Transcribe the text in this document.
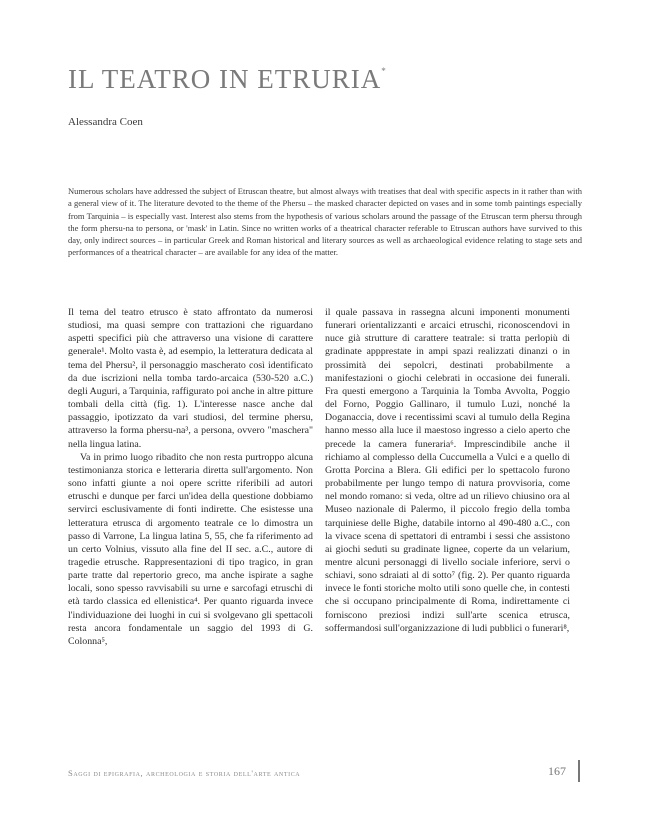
IL TEATRO IN ETRURIA*
Alessandra Coen
Numerous scholars have addressed the subject of Etruscan theatre, but almost always with treatises that deal with specific aspects in it rather than with a general view of it. The literature devoted to the theme of the Phersu – the masked character depicted on vases and in some tomb paintings especially from Tarquinia – is especially vast. Interest also stems from the hypothesis of various scholars around the passage of the Etruscan term phersu through the form phersu-na to persona, or 'mask' in Latin. Since no written works of a theatrical character referable to Etruscan authors have survived to this day, only indirect sources – in particular Greek and Roman historical and literary sources as well as archaeological evidence relating to stage sets and performances of a theatrical character – are available for any idea of the matter.

Il tema del teatro etrusco è stato affrontato da numerosi studiosi, ma quasi sempre con trattazioni che riguardano aspetti specifici più che attraverso una visione di carattere generale¹. Molto vasta è, ad esempio, la letteratura dedicata al tema del Phersu², il personaggio mascherato così identificato da due iscrizioni nella tomba tardo-arcaica (530-520 a.C.) degli Auguri, a Tarquinia, raffigurato poi anche in altre pitture tombali della città (fig. 1). L'interesse nasce anche dal passaggio, ipotizzato da vari studiosi, del termine phersu, attraverso la forma phersu-na³, a persona, ovvero "maschera" nella lingua latina.

Va in primo luogo ribadito che non resta purtroppo alcuna testimonianza storica e letteraria diretta sull'argomento. Non sono infatti giunte a noi opere scritte riferibili ad autori etruschi e dunque per farci un'idea della questione dobbiamo servirci esclusivamente di fonti indirette. Che esistesse una letteratura etrusca di argomento teatrale ce lo dimostra un passo di Varrone, La lingua latina 5, 55, che fa riferimento ad un certo Volnius, vissuto alla fine del II sec. a.C., autore di tragedie etrusche. Rappresentazioni di tipo tragico, in gran parte tratte dal repertorio greco, ma anche ispirate a saghe locali, sono spesso ravvisabili su urne e sarcofagi etruschi di età tardo classica ed ellenistica⁴. Per quanto riguarda invece l'individuazione dei luoghi in cui si svolgevano gli spettacoli resta ancora fondamentale un saggio del 1993 di G. Colonna⁵,

il quale passava in rassegna alcuni imponenti monumenti funerari orientalizzanti e arcaici etruschi, riconoscendovi in nuce già strutture di carattere teatrale: si tratta perlopiù di gradinate appprestate in ampi spazi realizzati dinanzi o in prossimità dei sepolcri, destinati probabilmente a manifestazioni o giochi celebrati in occasione dei funerali. Fra questi emergono a Tarquinia la Tomba Avvolta, Poggio del Forno, Poggio Gallinaro, il tumulo Luzi, nonché la Doganaccia, dove i recentissimi scavi al tumulo della Regina hanno messo alla luce il maestoso ingresso a cielo aperto che precede la camera funeraria⁶. Imprescindibile anche il richiamo al complesso della Cuccumella a Vulci e a quello di Grotta Porcina a Blera. Gli edifici per lo spettacolo furono probabilmente per lungo tempo di natura provvisoria, come nel mondo romano: si veda, oltre ad un rilievo chiusino ora al Museo nazionale di Palermo, il piccolo fregio della tomba tarquiniese delle Bighe, databile intorno al 490-480 a.C., con la vivace scena di spettatori di entrambi i sessi che assistono ai giochi seduti su gradinate lignee, coperte da un velarium, mentre alcuni personaggi di livello sociale inferiore, servi o schiavi, sono sdraiati al di sotto⁷ (fig. 2). Per quanto riguarda invece le fonti storiche molto utili sono quelle che, in contesti che si occupano principalmente di Roma, indirettamente ci forniscono preziosi indizi sull'arte scenica etrusca, soffermandosi sull'organizzazione di ludi pubblici o funerari⁸,

Saggi di epigrafia, archeologia e storia dell'arte antica	167
